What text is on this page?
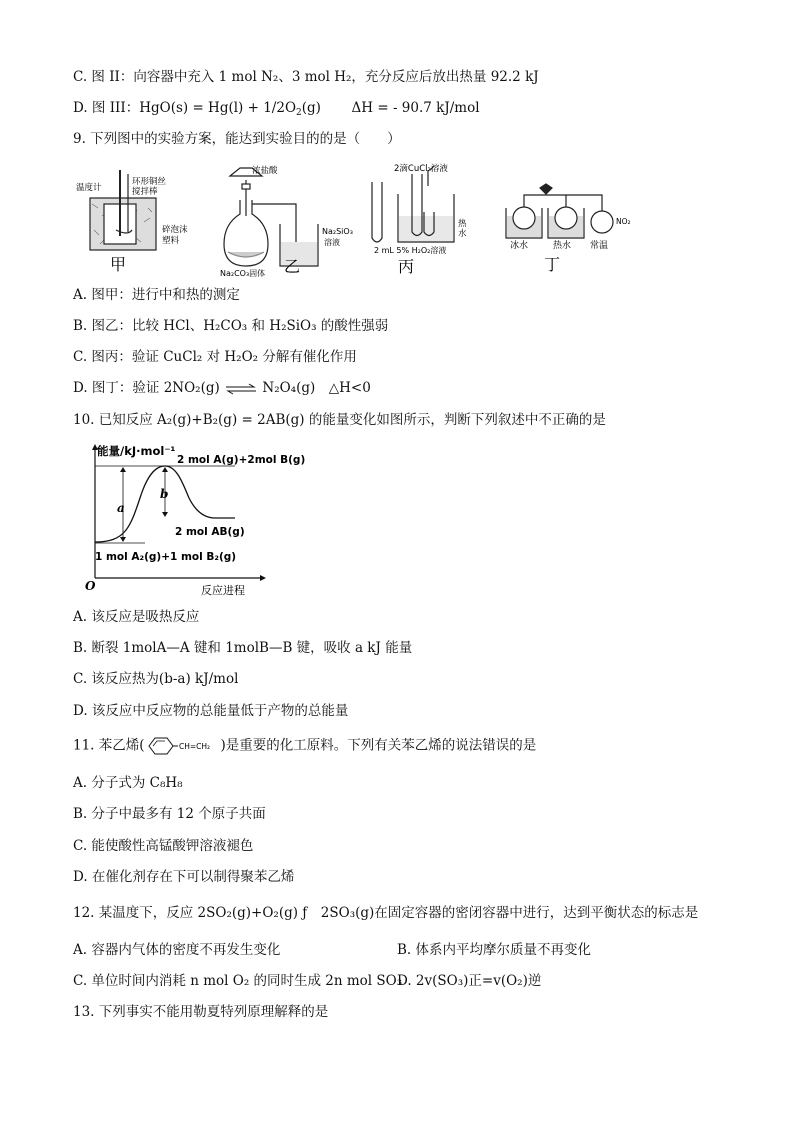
C. 图 II：向容器中充入 1 mol N₂、3 mol H₂，充分反应后放出热量 92.2 kJ
D. 图 III：$HgO(s) = Hg(l) + 1/2O_2(g) \Delta H$ = - 90.7 kJ/mol
9. 下列图中的实验方案，能达到实验目的的是（　　）
温度计
环形铜丝
搅拌棒
碎泡沫
塑料
甲
浓盐酸
Na₂SiO₃
溶液
Na₂CO₃固体 乙
2滴CuCl₂溶液
热
水
2 mL 5% H₂O₂溶液
丙
冰水	热水 常温
NO₂
丁
A. 图甲：进行中和热的测定
B. 图乙：比较 HCl、H₂CO₃ 和 H₂SiO₃ 的酸性强弱
C. 图丙：验证 CuCl₂ 对 H₂O₂ 分解有催化作用
D. 图丁：验证 2NO₂(g) ⇌ N₂O₄(g)　△H<0
10. 已知反应 A₂(g)+B₂(g) = 2AB(g) 的能量变化如图所示，判断下列叙述中不正确的是
能量/kJ·mol⁻¹
反应进程
O
a
b
2 mol A(g)+2mol B(g)
2 mol AB(g)
1 mol A₂(g)+1 mol B₂(g)
A. 该反应是吸热反应
B. 断裂 1molA—A 键和 1molB—B 键，吸收 a kJ 能量
C. 该反应热为(b-a) kJ/mol
D. 该反应中反应物的总能量低于产物的总能量
11. 苯乙烯(	CH=CH₂ )是重要的化工原料。下列有关苯乙烯的说法错误的是
A. 分子式为 C₈H₈
B. 分子中最多有 12 个原子共面
C. 能使酸性高锰酸钾溶液褪色
D. 在催化剂存在下可以制得聚苯乙烯
12. 某温度下，反应 2SO₂(g)+O₂(g) ƒ　2SO₃(g)在固定容器的密闭容器中进行，达到平衡状态的标志是
A. 容器内气体的密度不再发生变化	B. 体系内平均摩尔质量不再变化
C. 单位时间内消耗 n mol O₂ 的同时生成 2n mol SO₃
D. 2v(SO₃)正=v(O₂)逆
13. 下列事实不能用勒夏特列原理解释的是
